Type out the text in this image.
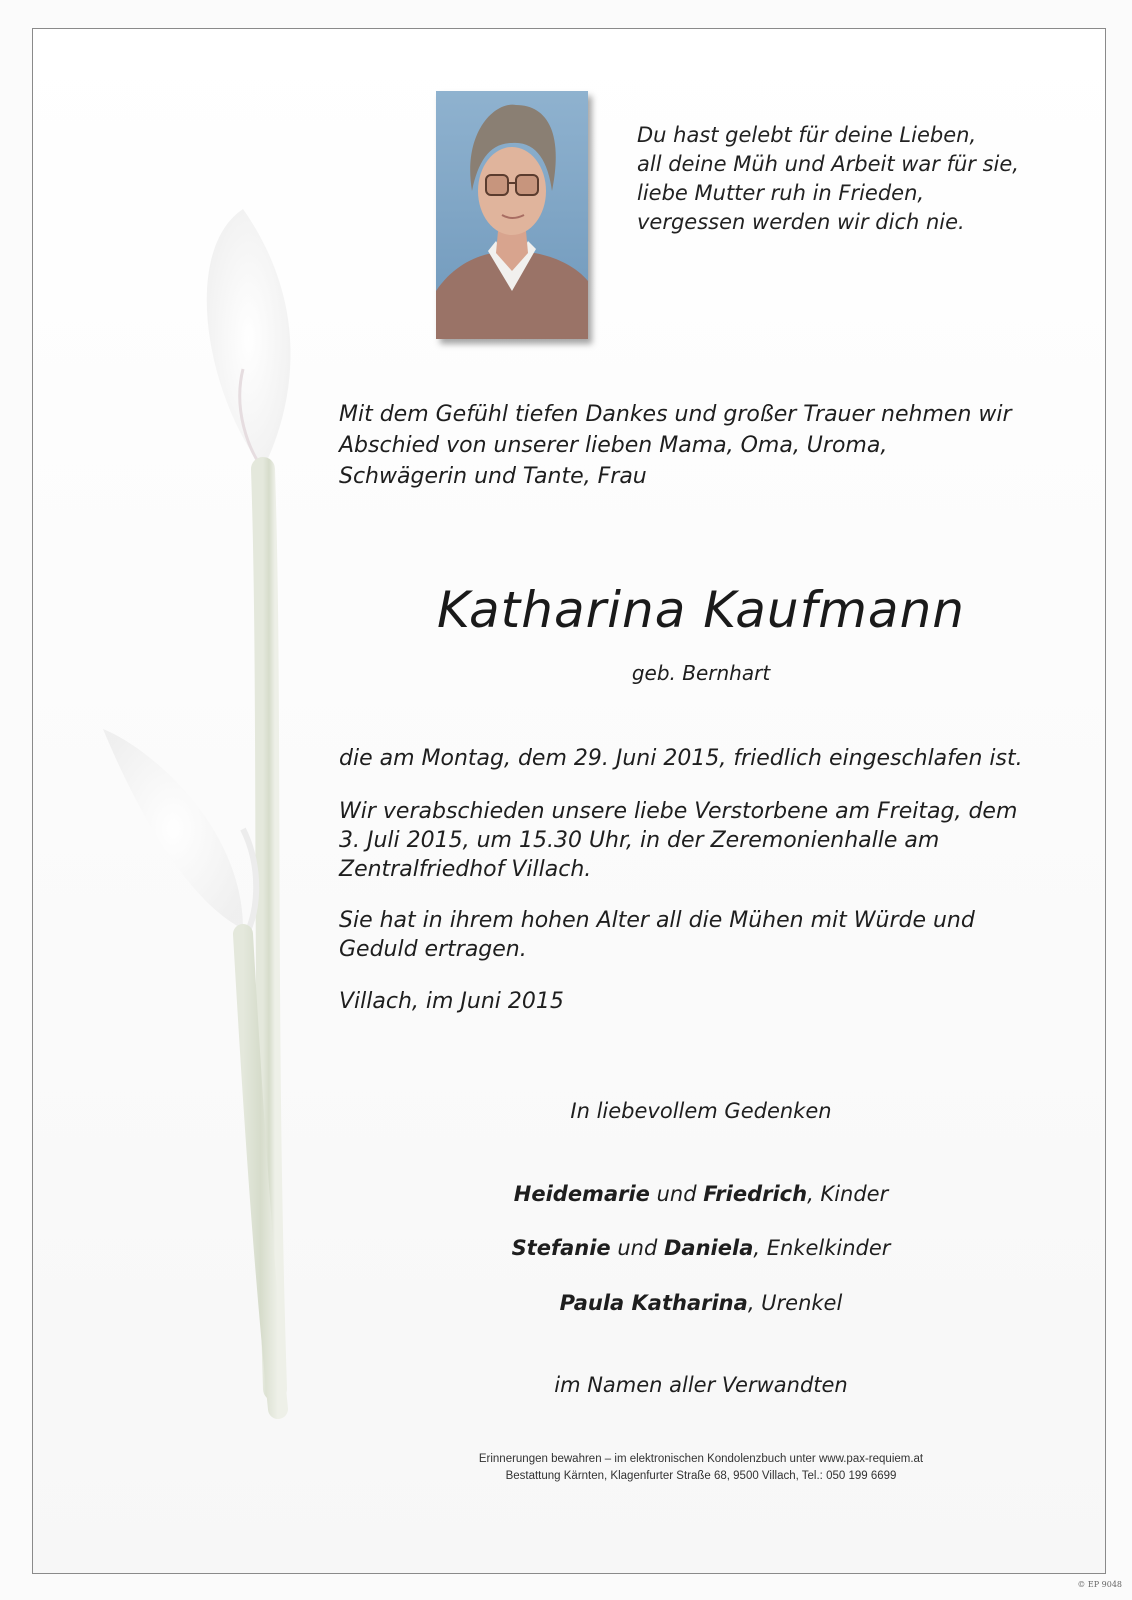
Du hast gelebt für deine Lieben,
all deine Müh und Arbeit war für sie,
liebe Mutter ruh in Frieden,
vergessen werden wir dich nie.
Mit dem Gefühl tiefen Dankes und großer Trauer nehmen wir
Abschied von unserer lieben Mama, Oma, Uroma,
Schwägerin und Tante, Frau
Katharina Kaufmann
geb. Bernhart
die am Montag, dem 29. Juni 2015, friedlich eingeschlafen ist.
Wir verabschieden unsere liebe Verstorbene am Freitag, dem
3. Juli 2015, um 15.30 Uhr, in der Zeremonienhalle am
Zentralfriedhof Villach.
Sie hat in ihrem hohen Alter all die Mühen mit Würde und
Geduld ertragen.
Villach, im Juni 2015
In liebevollem Gedenken
Heidemarie und Friedrich, Kinder
Stefanie und Daniela, Enkelkinder
Paula Katharina, Urenkel
im Namen aller Verwandten
Erinnerungen bewahren – im elektronischen Kondolenzbuch unter www.pax-requiem.at
Bestattung Kärnten, Klagenfurter Straße 68, 9500 Villach, Tel.: 050 199 6699
© EP 9048
